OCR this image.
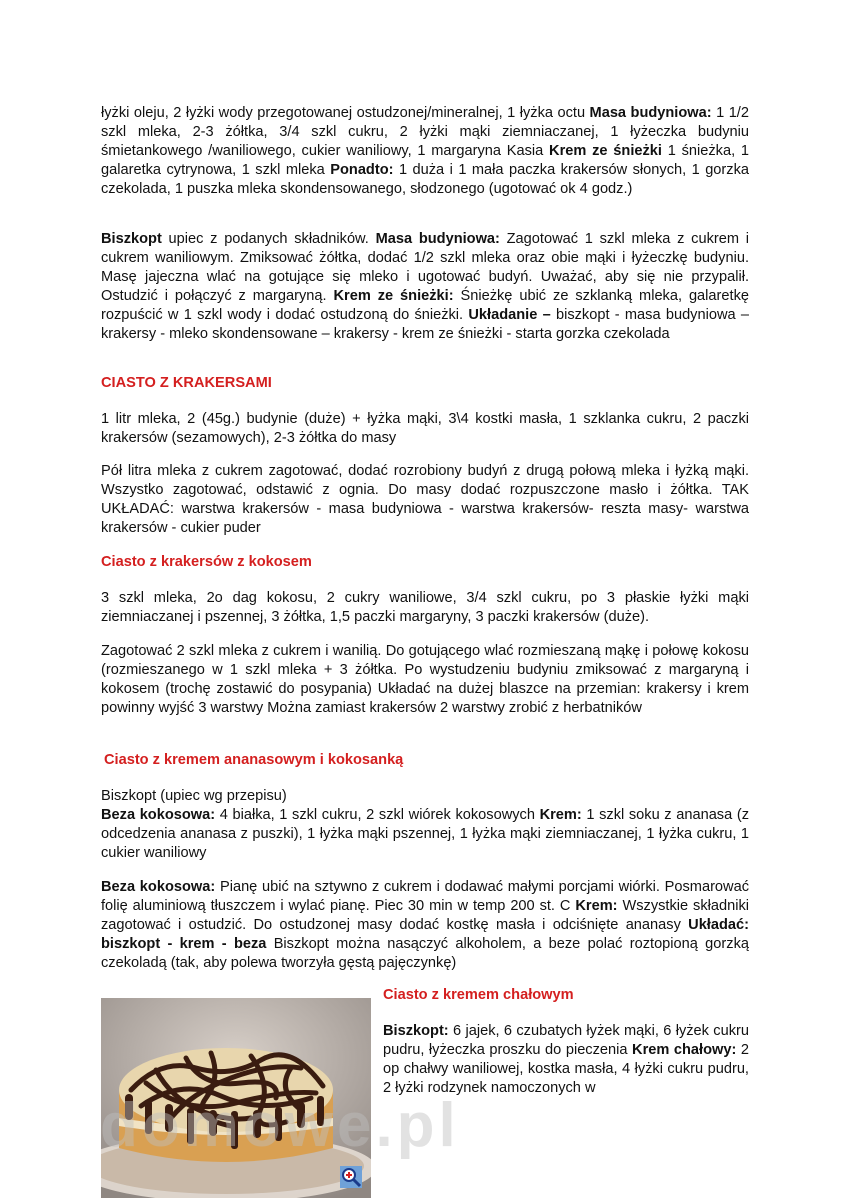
łyżki oleju, 2 łyżki wody przegotowanej ostudzonej/mineralnej, 1 łyżka octu Masa budyniowa: 1 1/2 szkl mleka, 2-3 żółtka, 3/4 szkl cukru, 2 łyżki mąki ziemniaczanej, 1 łyżeczka budyniu śmietankowego /waniliowego, cukier waniliowy, 1 margaryna Kasia Krem ze śnieżki 1 śnieżka, 1 galaretka cytrynowa, 1 szkl mleka Ponadto: 1 duża i 1 mała paczka krakersów słonych, 1 gorzka czekolada, 1 puszka mleka skondensowanego, słodzonego (ugotować ok 4 godz.)

Biszkopt upiec z podanych składników. Masa budyniowa: Zagotować 1 szkl mleka z cukrem i cukrem waniliowym. Zmiksować żółtka, dodać 1/2 szkl mleka oraz obie mąki i łyżeczkę budyniu. Masę jajeczna wlać na gotujące się mleko i ugotować budyń. Uważać, aby się nie przypalił. Ostudzić i połączyć z margaryną. Krem ze śnieżki: Śnieżkę ubić ze szklanką mleka, galaretkę rozpuścić w 1 szkl wody i dodać ostudzoną do śnieżki. Układanie – biszkopt - masa budyniowa – krakersy - mleko skondensowane – krakersy - krem ze śnieżki - starta gorzka czekolada

CIASTO Z KRAKERSAMI

1 litr mleka, 2 (45g.) budynie (duże) + łyżka mąki, 3\4 kostki masła, 1 szklanka cukru, 2 paczki krakersów (sezamowych), 2-3 żółtka do masy

Pół litra mleka z cukrem zagotować, dodać rozrobiony budyń z drugą połową mleka i łyżką mąki. Wszystko zagotować, odstawić z ognia. Do masy dodać rozpuszczone masło i żółtka. TAK UKŁADAĆ: warstwa krakersów - masa budyniowa - warstwa krakersów- reszta masy- warstwa krakersów - cukier puder

Ciasto z krakersów z kokosem

3 szkl mleka, 2o dag kokosu, 2 cukry waniliowe, 3/4 szkl cukru, po 3 płaskie łyżki mąki ziemniaczanej i pszennej, 3 żółtka, 1,5 paczki margaryny, 3 paczki krakersów (duże).

Zagotować 2 szkl mleka z cukrem i wanilią. Do gotującego wlać rozmieszaną mąkę i połowę kokosu (rozmieszanego w 1 szkl mleka + 3 żółtka. Po wystudzeniu budyniu zmiksować z margaryną i kokosem (trochę zostawić do posypania) Układać na dużej blaszce na przemian: krakersy i krem powinny wyjść 3 warstwy Można zamiast krakersów 2 warstwy zrobić z herbatników

Ciasto z kremem ananasowym i kokosanką

Biszkopt (upiec wg przepisu)

Beza kokosowa: 4 białka, 1 szkl cukru, 2 szkl wiórek kokosowych Krem: 1 szkl soku z ananasa (z odcedzenia ananasa z puszki), 1 łyżka mąki pszennej, 1 łyżka mąki ziemniaczanej, 1 łyżka cukru, 1 cukier waniliowy

Beza kokosowa: Pianę ubić na sztywno z cukrem i dodawać małymi porcjami wiórki. Posmarować folię aluminiową tłuszczem i wylać pianę. Piec 30 min w temp 200 st. C Krem: Wszystkie składniki zagotować i ostudzić. Do ostudzonej masy dodać kostkę masła i odciśnięte ananasy Układać: biszkopt - krem - beza Biszkopt można nasączyć alkoholem, a beze polać roztopioną gorzką czekoladą (tak, aby polewa tworzyła gęstą pajęczynkę)

Ciasto z kremem chałowym

Biszkopt: 6 jajek, 6 czubatych łyżek mąki, 6 łyżek cukru pudru, łyżeczka proszku do pieczenia Krem chałowy: 2 op chałwy waniliowej, kostka masła, 4 łyżki cukru pudru, 2 łyżki rodzynek namoczonych w

domowe.pl
